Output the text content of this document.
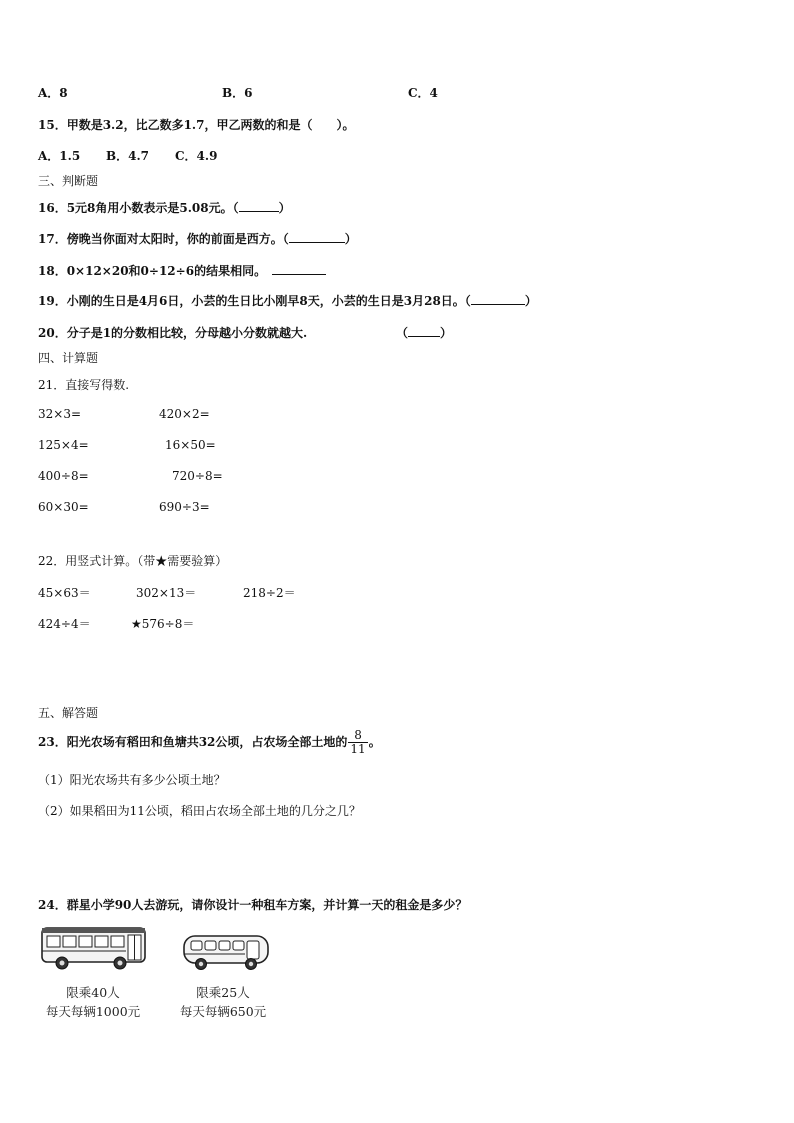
A．8	B．6	C．4
15．甲数是3.2，比乙数多1.7，甲乙两数的和是（　　）。
A．1.5 B．4.7 C．4.9
三、判断题
16．5元8角用小数表示是5.08元。（	）
17．傍晚当你面对太阳时，你的前面是西方。（	）
18．0×12×20和0÷12÷6的结果相同。
19．小刚的生日是4月6日，小芸的生日比小刚早8天，小芸的生日是3月28日。（	）
20．分子是1的分数相比较，分母越小分数就越大.	（	）
四、计算题
21．直接写得数.
32×3=	420×2=
125×4=	16×50=
400÷8=	720÷8=
60×30=	690÷3=
22．用竖式计算。（带★需要验算）
45×63＝	302×13＝	218÷2＝
424÷4＝	★576÷8＝
五、解答题
23．阳光农场有稻田和鱼塘共32公顷，占农场全部土地的 $\frac{8}{11}$ 。
（1）阳光农场共有多少公顷土地？
（2）如果稻田为11公顷，稻田占农场全部土地的几分之几？
24．群星小学90人去游玩，请你设计一种租车方案，并计算一天的租金是多少？
限乘40人
每天每辆1000元
限乘25人
每天每辆650元
